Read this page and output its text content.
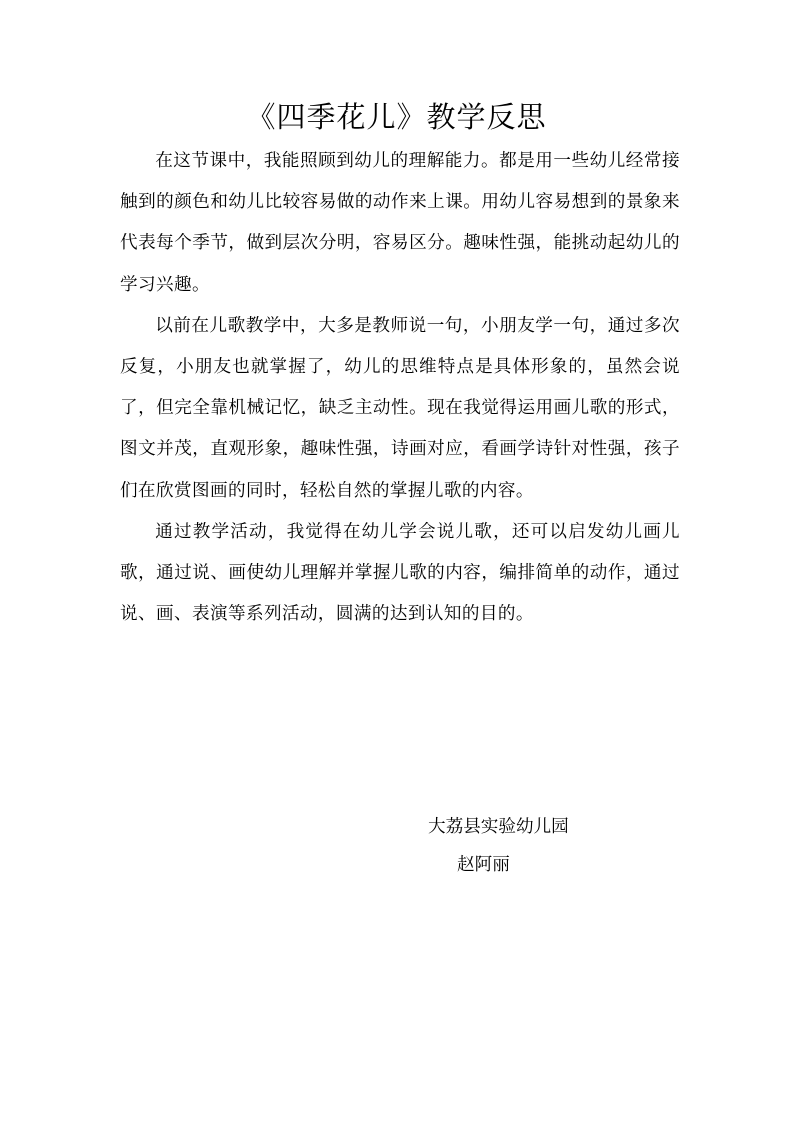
《四季花儿》教学反思

在这节课中，我能照顾到幼儿的理解能力。都是用一些幼儿经常接触到的颜色和幼儿比较容易做的动作来上课。用幼儿容易想到的景象来代表每个季节，做到层次分明，容易区分。趣味性强，能挑动起幼儿的学习兴趣。

以前在儿歌教学中，大多是教师说一句，小朋友学一句，通过多次反复，小朋友也就掌握了，幼儿的思维特点是具体形象的，虽然会说了，但完全靠机械记忆，缺乏主动性。现在我觉得运用画儿歌的形式，图文并茂，直观形象，趣味性强，诗画对应，看画学诗针对性强，孩子们在欣赏图画的同时，轻松自然的掌握儿歌的内容。

通过教学活动，我觉得在幼儿学会说儿歌，还可以启发幼儿画儿歌，通过说、画使幼儿理解并掌握儿歌的内容，编排简单的动作，通过说、画、表演等系列活动，圆满的达到认知的目的。

大荔县实验幼儿园
赵阿丽
